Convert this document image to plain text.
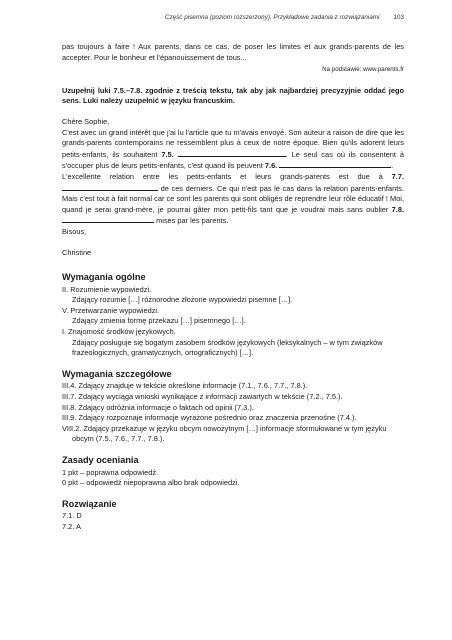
Część pisemna (poziom rozszerzony). Przykładowe zadania z rozwiązaniami 103

pas toujours à faire ! Aux parents, dans ce cas, de poser les limites et aux grands-parents de les accepter. Pour le bonheur et l'épanouissement de tous...

Na podstawie: www.parents.fr

Uzupełnij luki 7.5.–7.8. zgodnie z treścią tekstu, tak aby jak najbardziej precyzyjnie oddać jego sens. Luki należy uzupełnić w języku francuskim.

Chère Sophie,

C'est avec un grand intérêt que j'ai lu l'article que tu m'avais envoyé. Son auteur a raison de dire que les grands-parents contemporains ne ressemblent plus à ceux de notre époque. Bien qu'ils adorent leurs petits-enfants, ils souhaitent 7.5.	. Le seul cas où ils consentent à s'occuper plus de leurs petits-enfants, c'est quand ils peuvent 7.6.	.

L'excellente relation entre les petits-enfants et leurs grands-parents est due à 7.7.  de ces derniers. Ce qui n'est pas le cas dans la relation parents-enfants. Mais c'est tout à fait normal car ce sont les parents qui sont obligés de reprendre leur rôle éducatif ! Moi, quand je serai grand-mère, je pourrai gâter mon petit-fils tant que je voudrai mais sans oublier 7.8.  mises par les parents.

Bisous,

Christine

Wymagania ogólne

II. Rozumienie wypowiedzi.

Zdający rozumie […] różnorodne złożone wypowiedzi pisemne […].

V. Przetwarzanie wypowiedzi.

Zdający zmienia formę przekazu […] pisemnego […].

I. Znajomość środków językowych.

Zdający posługuje się bogatym zasobem środków językowych (leksykalnych – w tym związków frazeologicznych, gramatycznych, ortograficznych) […].

Wymagania szczegółowe

III.4. Zdający znajduje w tekście określone informacje (7.1., 7.6., 7.7., 7.8.).

III.7. Zdający wyciąga wnioski wynikające z informacji zawartych w tekście (7.2., 7.5.).

III.8. Zdający odróżnia informacje o faktach od opinii (7.3.).

III.9. Zdający rozpoznaje informacje wyrażone pośrednio oraz znaczenia przenośne (7.4.).

VIII.2. Zdający przekazuje w języku obcym nowożytnym […] informacje sformułowane w tym języku obcym (7.5., 7.6., 7.7., 7.8.).

Zasady oceniania

1 pkt – poprawna odpowiedź.

0 pkt – odpowiedź niepoprawna albo brak odpowiedzi.

Rozwiązanie

7.1. D

7.2. A
